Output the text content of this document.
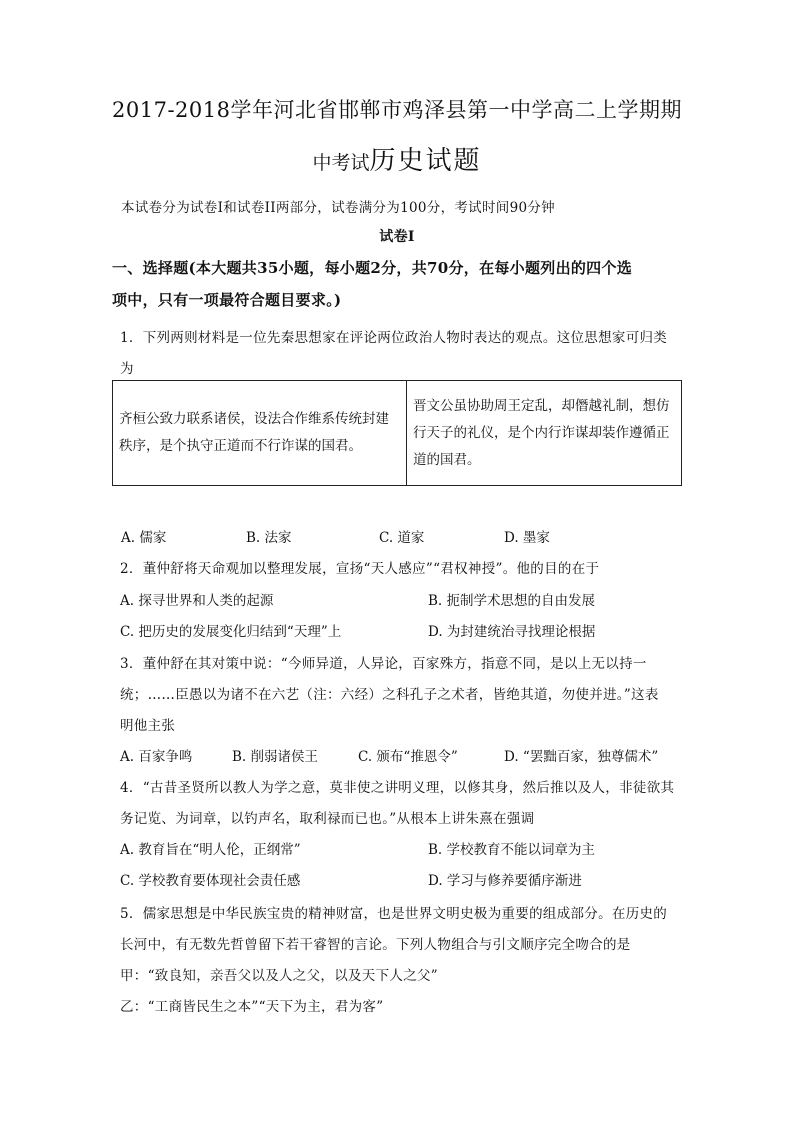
2017-2018学年河北省邯郸市鸡泽县第一中学高二上学期期
中考试历史试题
本试卷分为试卷Ⅰ和试卷II两部分，试卷满分为100分，考试时间90分钟
试卷Ⅰ
一、选择题(本大题共35小题，每小题2分，共70分，在每小题列出的四个选
项中，只有一项最符合题目要求。)
1．下列两则材料是一位先秦思想家在评论两位政治人物时表达的观点。这位思想家可归类
为
齐桓公致力联系诸侯，设法合作维系传统封建秩序，是个执守正道而不行诈谋的国君。
晋文公虽协助周王定乱，却僭越礼制，想仿行天子的礼仪，是个内行诈谋却装作遵循正道的国君。
A. 儒家	B. 法家	C. 道家	D. 墨家
2．董仲舒将天命观加以整理发展，宣扬“天人感应”“君权神授”。他的目的在于
A. 探寻世界和人类的起源	B. 扼制学术思想的自由发展
C. 把历史的发展变化归结到“天理”上	D. 为封建统治寻找理论根据
3．董仲舒在其对策中说：“今师异道，人异论，百家殊方，指意不同，是以上无以持一
统；……臣愚以为诸不在六艺（注：六经）之科孔子之术者，皆绝其道，勿使并进。”这表
明他主张
A. 百家争鸣	B. 削弱诸侯王	C. 颁布“推恩令”	D. “罢黜百家，独尊儒术”
4．“古昔圣贤所以教人为学之意，莫非使之讲明义理，以修其身，然后推以及人，非徒欲其
务记览、为词章，以钓声名，取利禄而已也。”从根本上讲朱熹在强调
A. 教育旨在“明人伦，正纲常”	B. 学校教育不能以词章为主
C. 学校教育要体现社会责任感	D. 学习与修养要循序渐进
5．儒家思想是中华民族宝贵的精神财富，也是世界文明史极为重要的组成部分。在历史的
长河中，有无数先哲曾留下若干睿智的言论。下列人物组合与引文顺序完全吻合的是
甲：“致良知，亲吾父以及人之父，以及天下人之父”
乙：“工商皆民生之本”“天下为主，君为客”
